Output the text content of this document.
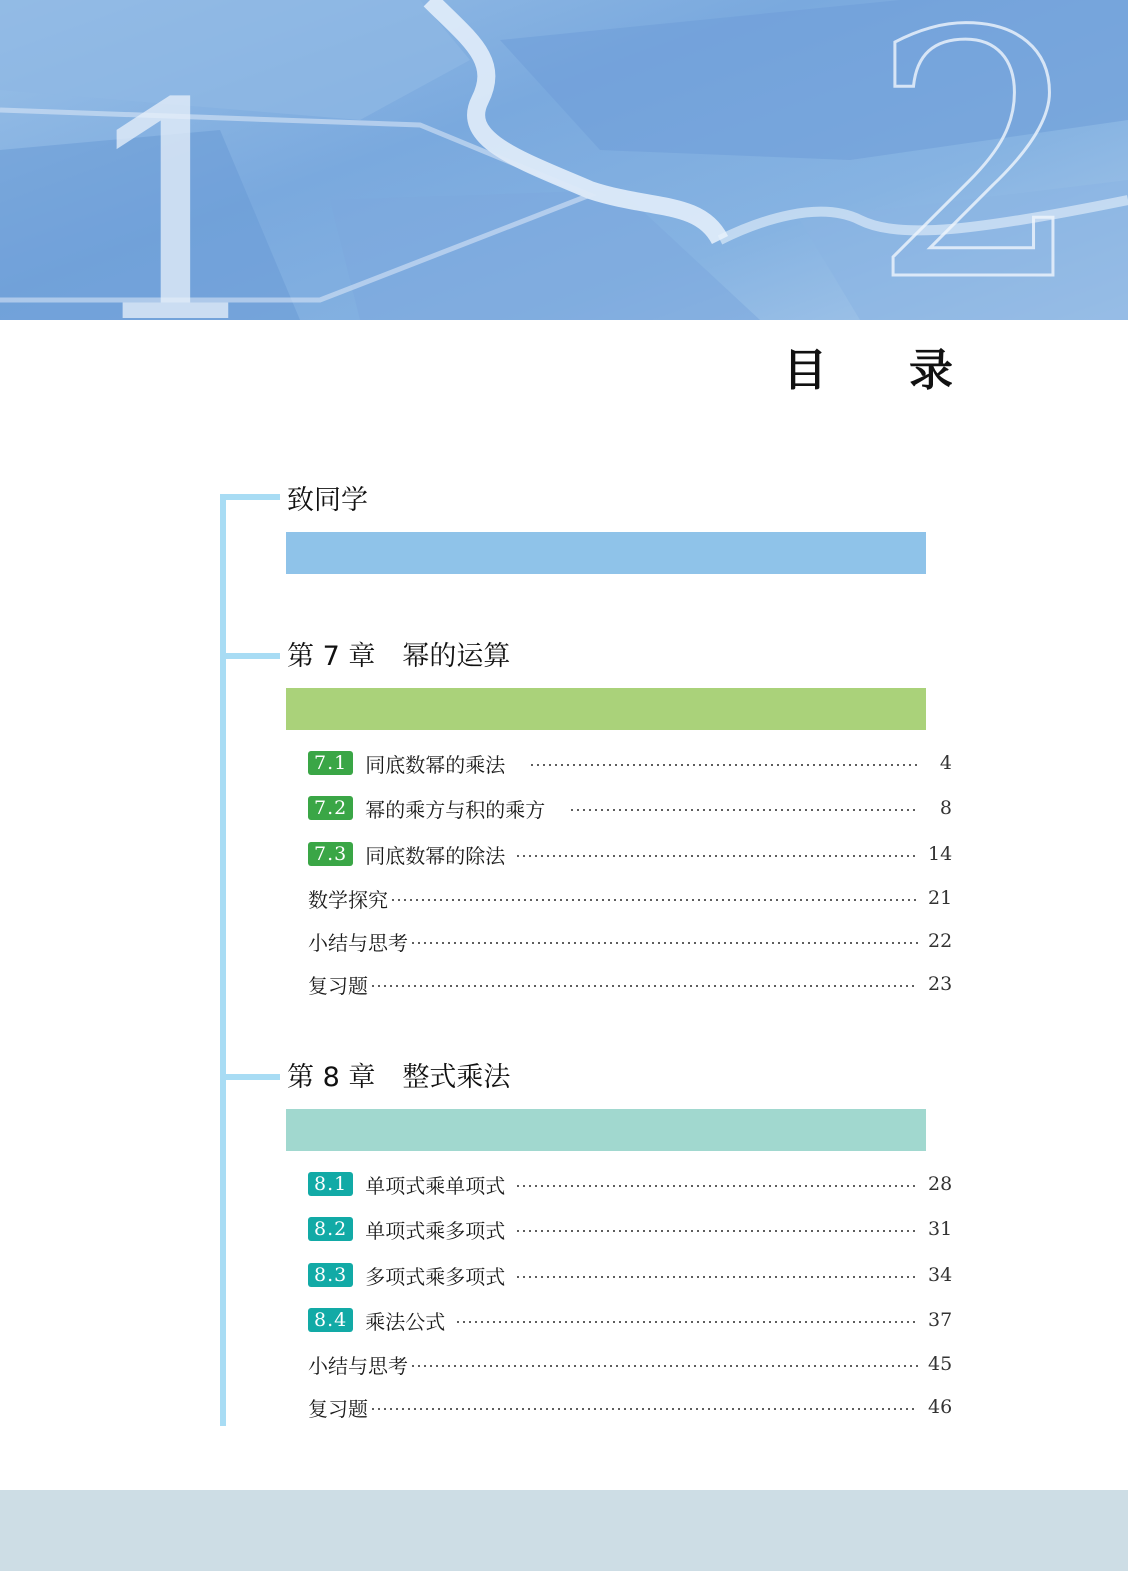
1 2
目 录
致同学
第 7 章　幂的运算
7.1 同底数幂的乘法	4
7.2 幂的乘方与积的乘方	8
7.3 同底数幂的除法	14
数学探究	21
小结与思考	22
复习题	23
第 8 章　整式乘法
8.1 单项式乘单项式	28
8.2 单项式乘多项式	31
8.3 多项式乘多项式	34
8.4 乘法公式	37
小结与思考	45
复习题	46
